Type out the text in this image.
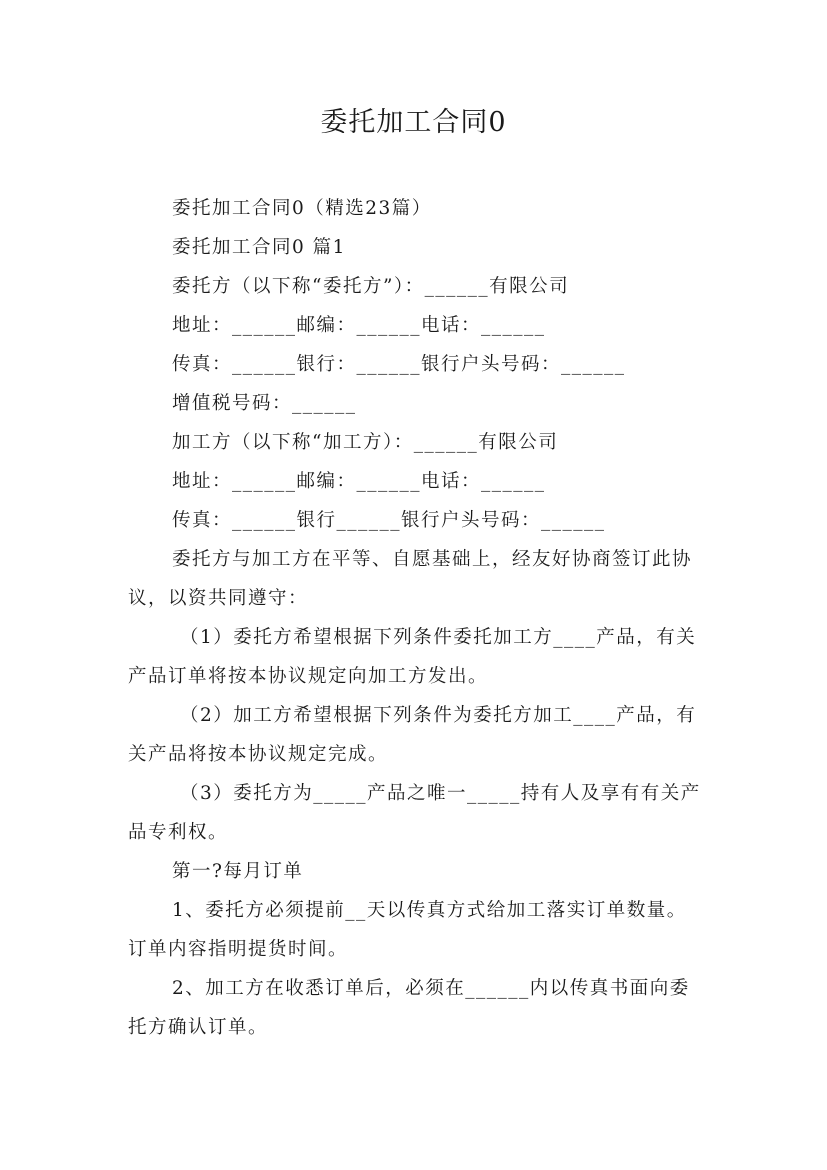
委托加工合同0

委托加工合同0（精选23篇）

委托加工合同0 篇1

委托方（以下称“委托方”）：______有限公司

地址：______邮编：______电话：______

传真：______银行：______银行户头号码：______

增值税号码：______

加工方（以下称“加工方）：______有限公司

地址：______邮编：______电话：______

传真：______银行______银行户头号码：______

委托方与加工方在平等、自愿基础上，经友好协商签订此协议，以资共同遵守：

（1）委托方希望根据下列条件委托加工方____产品，有关产品订单将按本协议规定向加工方发出。

（2）加工方希望根据下列条件为委托方加工____产品，有关产品将按本协议规定完成。

（3）委托方为_____产品之唯一_____持有人及享有有关产品专利权。

第一?每月订单

1、委托方必须提前__天以传真方式给加工落实订单数量。订单内容指明提货时间。

2、加工方在收悉订单后，必须在______内以传真书面向委托方确认订单。
